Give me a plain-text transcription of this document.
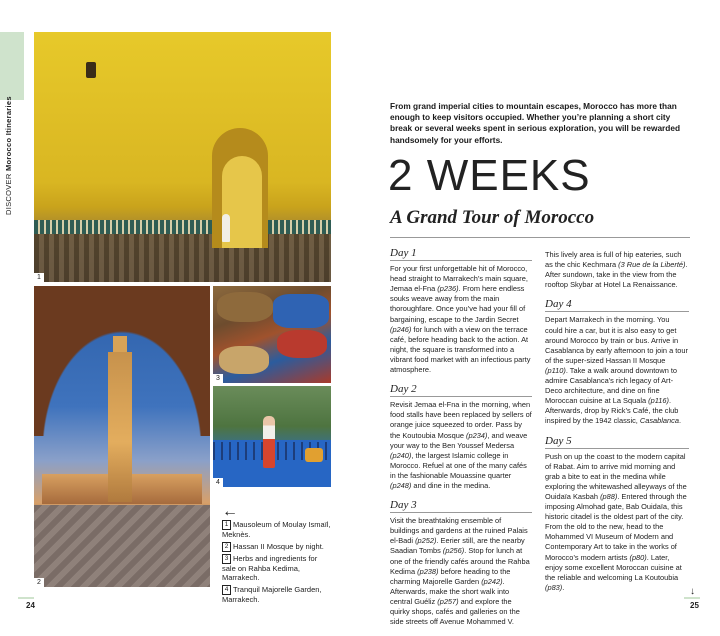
DISCOVER Morocco Itineraries
1
2
3
4
←
1 Mausoleum of Moulay Ismaïl, Meknès.
2 Hassan II Mosque by night.
3 Herbs and ingredients for sale on Rahba Kedima, Marrakech.
4 Tranquil Majorelle Garden, Marrakech.
24
From grand imperial cities to mountain escapes, Morocco has more than enough to keep visitors occupied. Whether you’re planning a short city break or several weeks spent in serious exploration, you will be rewarded handsomely for your efforts.
2 WEEKS
A Grand Tour of Morocco
Day 1
For your first unforgettable hit of Morocco, head straight to Marrakech’s main square, Jemaa el-Fna (p236). From here endless souks weave away from the main thoroughfare. Once you’ve had your fill of bargaining, escape to the Jardin Secret (p246) for lunch with a view on the terrace café, before heading back to the action. At night, the square is transformed into a vibrant food market with an infectious party atmosphere.
Day 2
Revisit Jemaa el-Fna in the morning, when food stalls have been replaced by sellers of orange juice squeezed to order. Pass by the Koutoubia Mosque (p234), and weave your way to the Ben Youssef Medersa (p240), the largest Islamic college in Morocco. Refuel at one of the many cafés in the fashionable Mouassine quarter (p248) and dine in the medina.
Day 3
Visit the breathtaking ensemble of buildings and gardens at the ruined Palais el-Badi (p252). Eerier still, are the nearby Saadian Tombs (p256). Stop for lunch at one of the friendly cafés around the Rahba Kedima (p238) before heading to the charming Majorelle Garden (p242). Afterwards, make the short walk into central Guéliz (p257) and explore the quirky shops, cafés and galleries on the side streets off Avenue Mohammed V.
This lively area is full of hip eateries, such as the chic Kechmara (3 Rue de la Liberté). After sundown, take in the view from the rooftop Skybar at Hotel La Renaissance.
Day 4
Depart Marrakech in the morning. You could hire a car, but it is also easy to get around Morocco by train or bus. Arrive in Casablanca by early afternoon to join a tour of the super-sized Hassan II Mosque (p110). Take a walk around downtown to admire Casablanca’s rich legacy of Art-Deco architecture, and dine on fine Moroccan cuisine at La Squala (p116). Afterwards, drop by Rick’s Café, the club inspired by the 1942 classic, Casablanca.
Day 5
Push on up the coast to the modern capital of Rabat. Aim to arrive mid morning and grab a bite to eat in the medina while exploring the whitewashed alleyways of the Ouidaïa Kasbah (p88). Entered through the imposing Almohad gate, Bab Ouidaïa, this historic citadel is the oldest part of the city. From the old to the new, head to the Mohammed VI Museum of Modern and Contemporary Art to take in the works of Morocco’s modern artists (p80). Later, enjoy some excellent Moroccan cuisine at the reliable and welcoming La Koutoubia (p83).	↓
25
